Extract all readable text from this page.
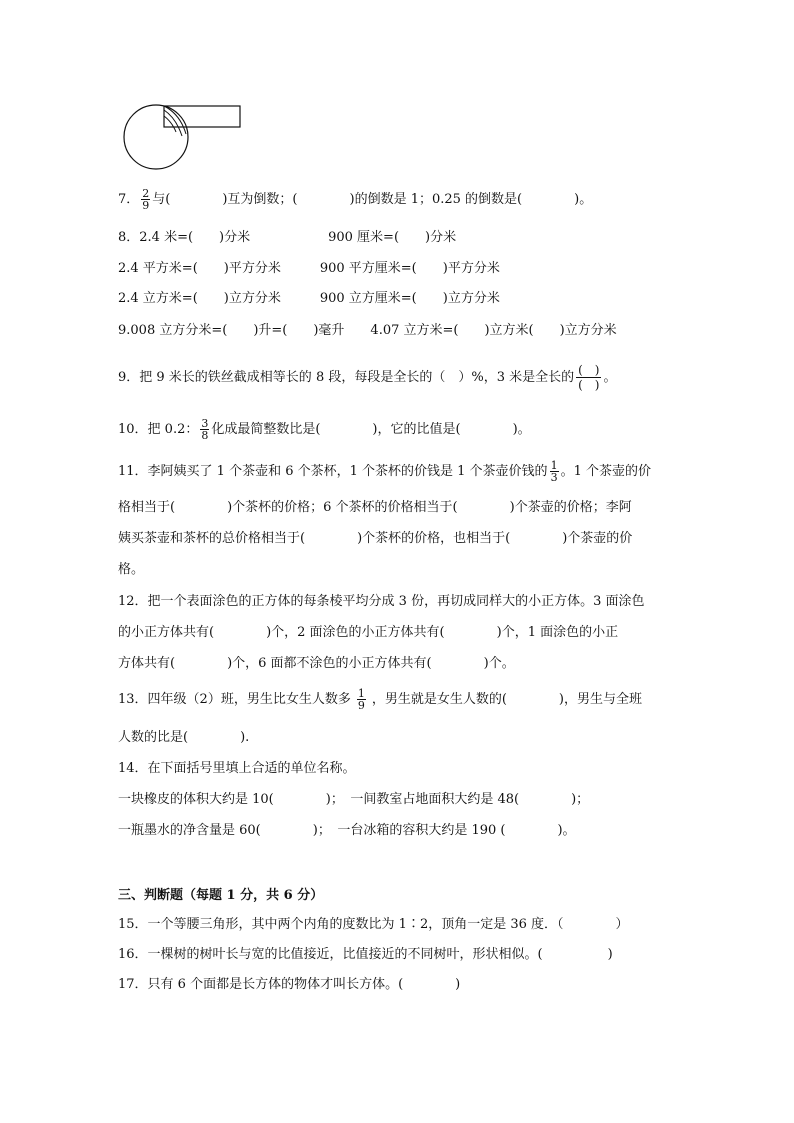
7． $\frac{2}{9}$ 与(　　　　)互为倒数；(　　　　)的倒数是 1；0.25 的倒数是(　　　　)。
8．2.4 米=(　　)分米　　　　　　900 厘米=(　　)分米
2.4 平方米=(　　)平方分米　　　900 平方厘米=(　　)平方分米
2.4 立方米=(　　)立方分米　　　900 立方厘米=(　　)立方分米
9.008 立方分米=(　　)升=(　　)毫升　　4.07 立方米=(　　)立方米(　　)立方分米
9．把 9 米长的铁丝截成相等长的 8 段，每段是全长的（　）%，3 米是全长的 $\frac{( )}{( )}$ 。
10．把 0.2： $\frac{3}{8}$ 化成最简整数比是(　　　　)，它的比值是(　　　　)。
11．李阿姨买了 1 个茶壶和 6 个茶杯，1 个茶杯的价钱是 1 个茶壶价钱的 $\frac{1}{3}$ 。1 个茶壶的价
格相当于(　　　　)个茶杯的价格；6 个茶杯的价格相当于(　　　　)个茶壶的价格；李阿
姨买茶壶和茶杯的总价格相当于(　　　　)个茶杯的价格，也相当于(　　　　)个茶壶的价
格。
12．把一个表面涂色的正方体的每条棱平均分成 3 份，再切成同样大的小正方体。3 面涂色
的小正方体共有(　　　　)个，2 面涂色的小正方体共有(　　　　)个，1 面涂色的小正
方体共有(　　　　)个，6 面都不涂色的小正方体共有(　　　　)个。
13．四年级（2）班，男生比女生人数多 $\frac{1}{9}$ ，男生就是女生人数的(　　　　)，男生与全班
人数的比是(　　　　).
14．在下面括号里填上合适的单位名称。
一块橡皮的体积大约是 10(　　　　)；　一间教室占地面积大约是 48(　　　　)；
一瓶墨水的净含量是 60(　　　　)；　一台冰箱的容积大约是 190 (　　　　)。
三、判断题（每题 1 分，共 6 分）
15．一个等腰三角形，其中两个内角的度数比为 1∶2，顶角一定是 36 度．（　　　　）
16．一棵树的树叶长与宽的比值接近，比值接近的不同树叶，形状相似。(　　　　　)
17．只有 6 个面都是长方体的物体才叫长方体。(　　　　)
